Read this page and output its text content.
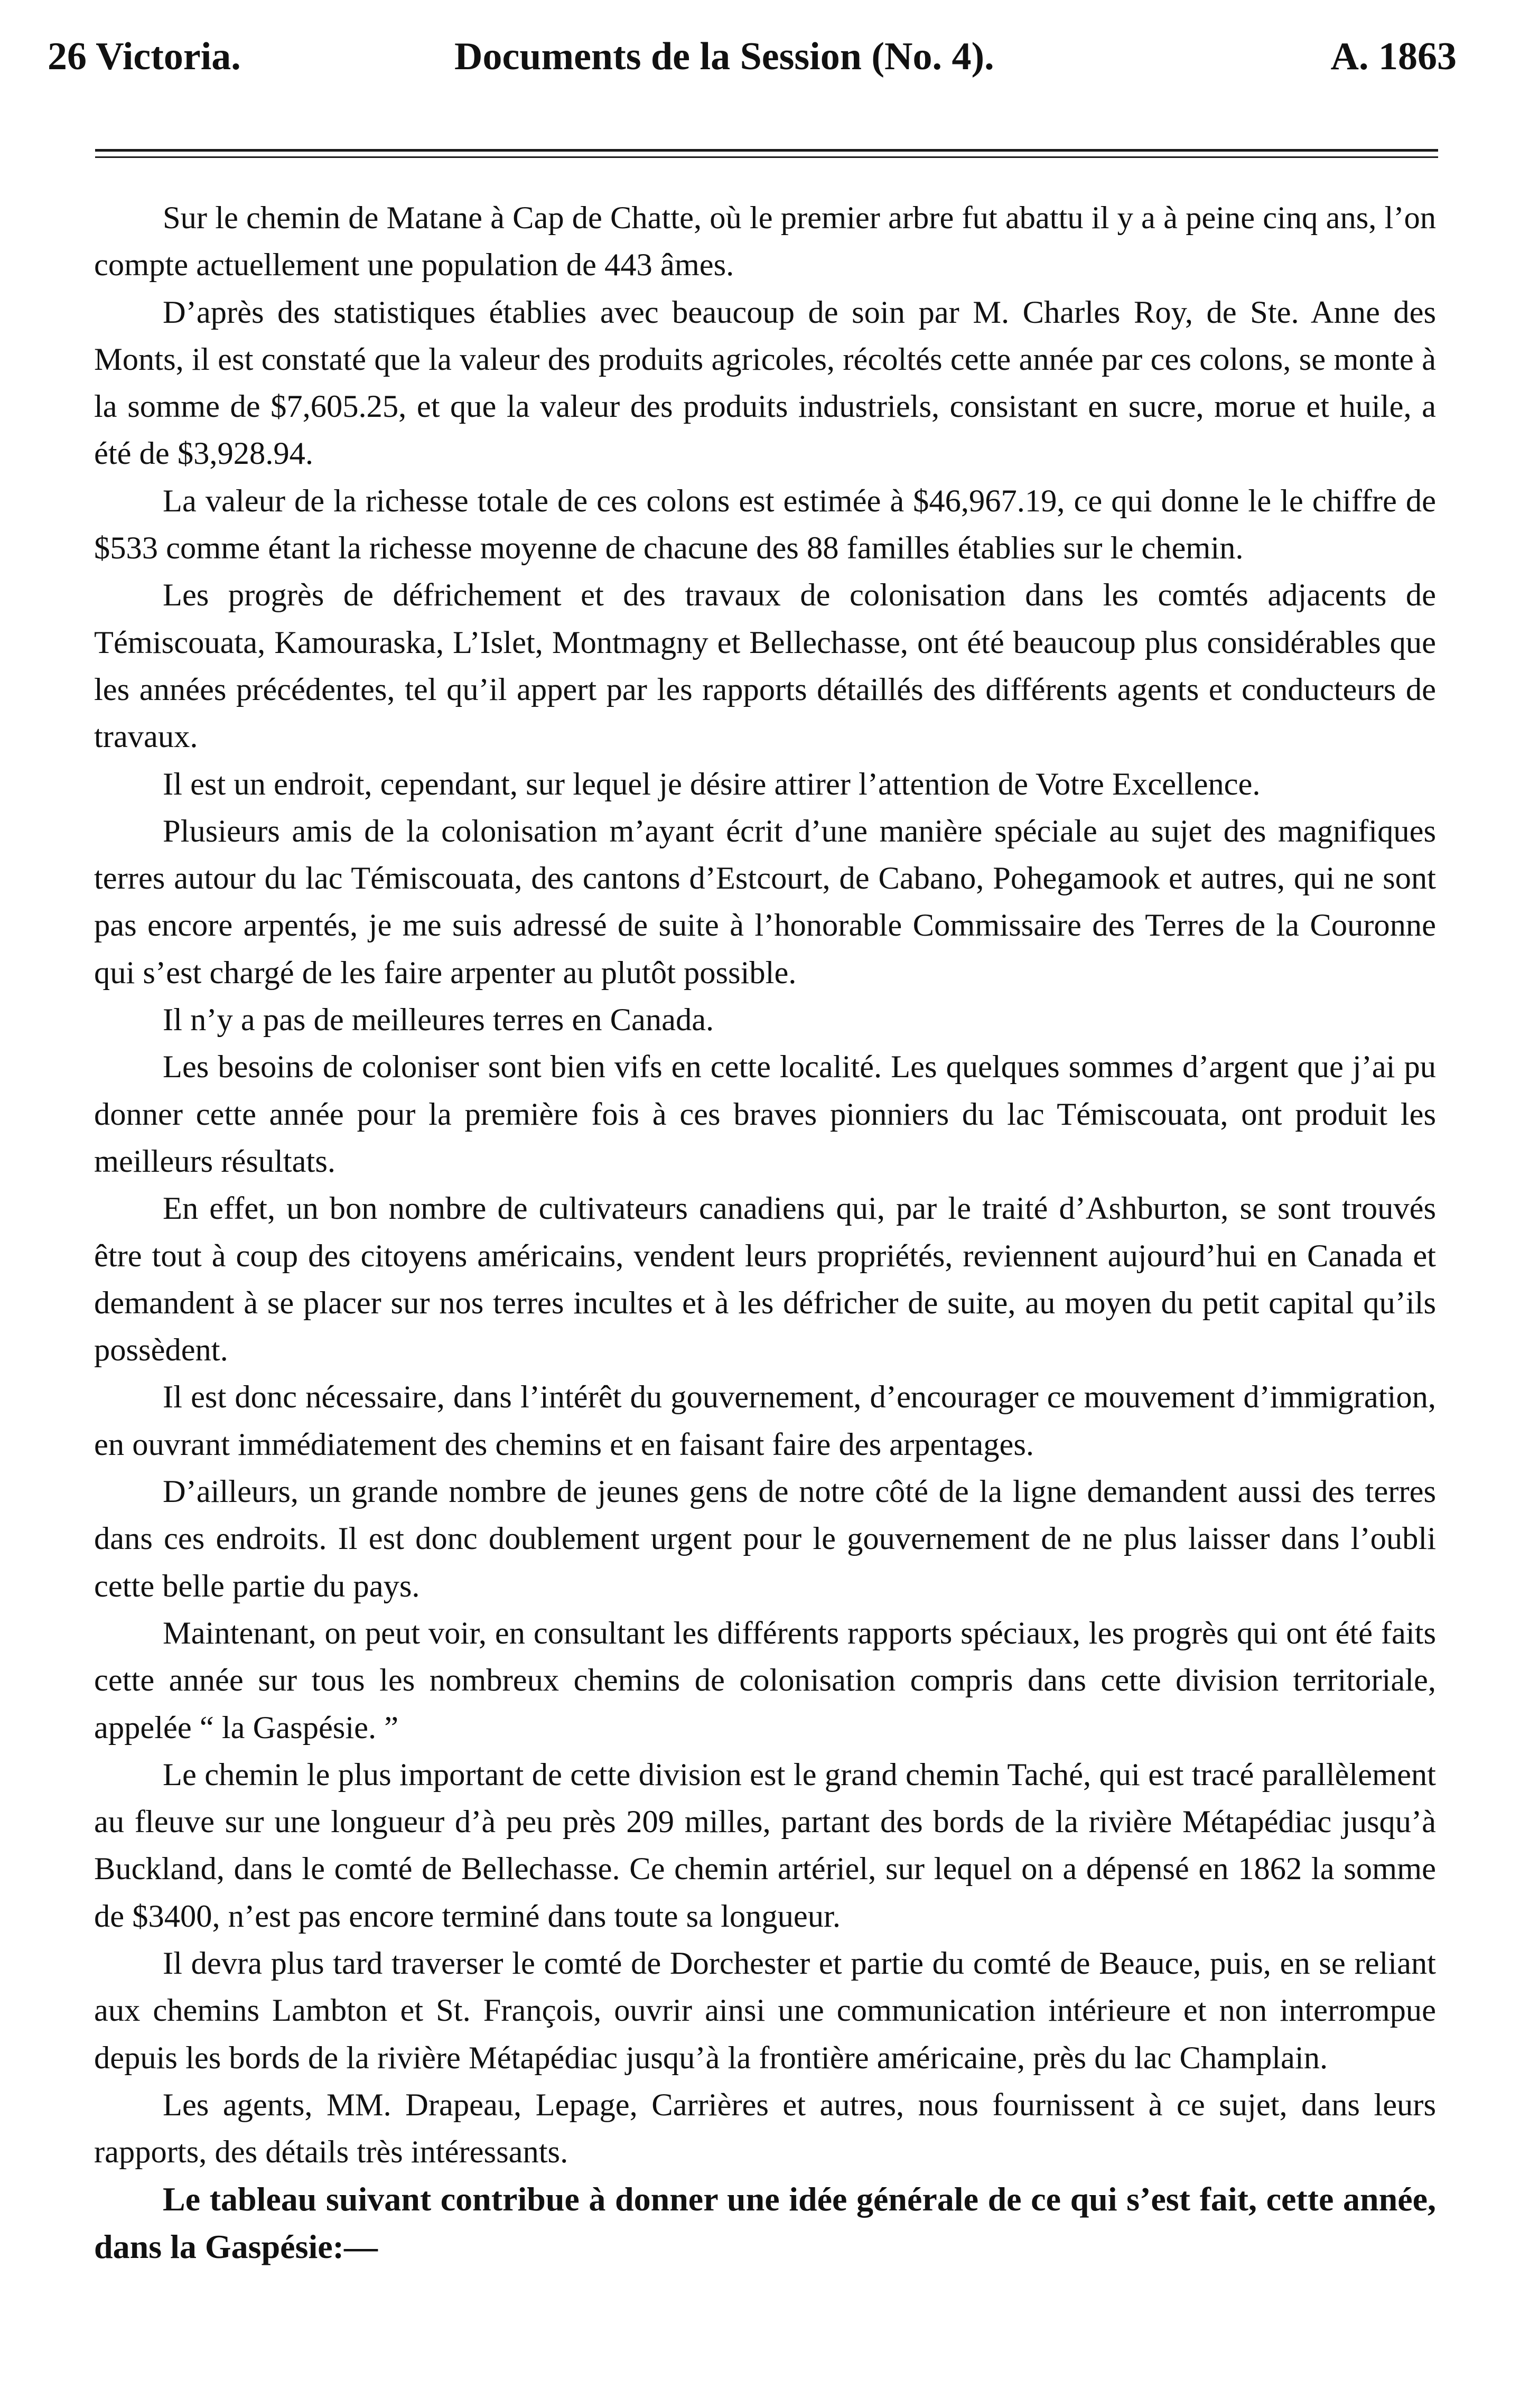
26 Victoria.	Documents de la Session (No. 4).	A. 1863

Sur le chemin de Matane à Cap de Chatte, où le premier arbre fut abattu il y a à peine cinq ans, l’on compte actuellement une population de 443 âmes.

D’après des statistiques établies avec beaucoup de soin par M. Charles Roy, de Ste. Anne des Monts, il est constaté que la valeur des produits agricoles, récoltés cette année par ces colons, se monte à la somme de $7,605.25, et que la valeur des produits industriels, consistant en sucre, morue et huile, a été de $3,928.94.

La valeur de la richesse totale de ces colons est estimée à $46,967.19, ce qui donne le le chiffre de $533 comme étant la richesse moyenne de chacune des 88 familles établies sur le chemin.

Les progrès de défrichement et des travaux de colonisation dans les comtés adjacents de Témiscouata, Kamouraska, L’Islet, Montmagny et Bellechasse, ont été beaucoup plus considérables que les années précédentes, tel qu’il appert par les rapports détaillés des différents agents et conducteurs de travaux.

Il est un endroit, cependant, sur lequel je désire attirer l’attention de Votre Excellence.

Plusieurs amis de la colonisation m’ayant écrit d’une manière spéciale au sujet des magnifiques terres autour du lac Témiscouata, des cantons d’Estcourt, de Cabano, Pohegamook et autres, qui ne sont pas encore arpentés, je me suis adressé de suite à l’honorable Commissaire des Terres de la Couronne qui s’est chargé de les faire arpenter au plutôt possible.

Il n’y a pas de meilleures terres en Canada.

Les besoins de coloniser sont bien vifs en cette localité. Les quelques sommes d’argent que j’ai pu donner cette année pour la première fois à ces braves pionniers du lac Témiscouata, ont produit les meilleurs résultats.

En effet, un bon nombre de cultivateurs canadiens qui, par le traité d’Ashburton, se sont trouvés être tout à coup des citoyens américains, vendent leurs propriétés, reviennent aujourd’hui en Canada et demandent à se placer sur nos terres incultes et à les défricher de suite, au moyen du petit capital qu’ils possèdent.

Il est donc nécessaire, dans l’intérêt du gouvernement, d’encourager ce mouvement d’immigration, en ouvrant immédiatement des chemins et en faisant faire des arpentages.

D’ailleurs, un grande nombre de jeunes gens de notre côté de la ligne demandent aussi des terres dans ces endroits. Il est donc doublement urgent pour le gouvernement de ne plus laisser dans l’oubli cette belle partie du pays.

Maintenant, on peut voir, en consultant les différents rapports spéciaux, les progrès qui ont été faits cette année sur tous les nombreux chemins de colonisation compris dans cette division territoriale, appelée “ la Gaspésie. ”

Le chemin le plus important de cette division est le grand chemin Taché, qui est tracé parallèlement au fleuve sur une longueur d’à peu près 209 milles, partant des bords de la rivière Métapédiac jusqu’à Buckland, dans le comté de Bellechasse. Ce chemin artériel, sur lequel on a dépensé en 1862 la somme de $3400, n’est pas encore terminé dans toute sa longueur.

Il devra plus tard traverser le comté de Dorchester et partie du comté de Beauce, puis, en se reliant aux chemins Lambton et St. François, ouvrir ainsi une communication intérieure et non interrompue depuis les bords de la rivière Métapédiac jusqu’à la frontière américaine, près du lac Champlain.

Les agents, MM. Drapeau, Lepage, Carrières et autres, nous fournissent à ce sujet, dans leurs rapports, des détails très intéressants.

Le tableau suivant contribue à donner une idée générale de ce qui s’est fait, cette année, dans la Gaspésie:—
